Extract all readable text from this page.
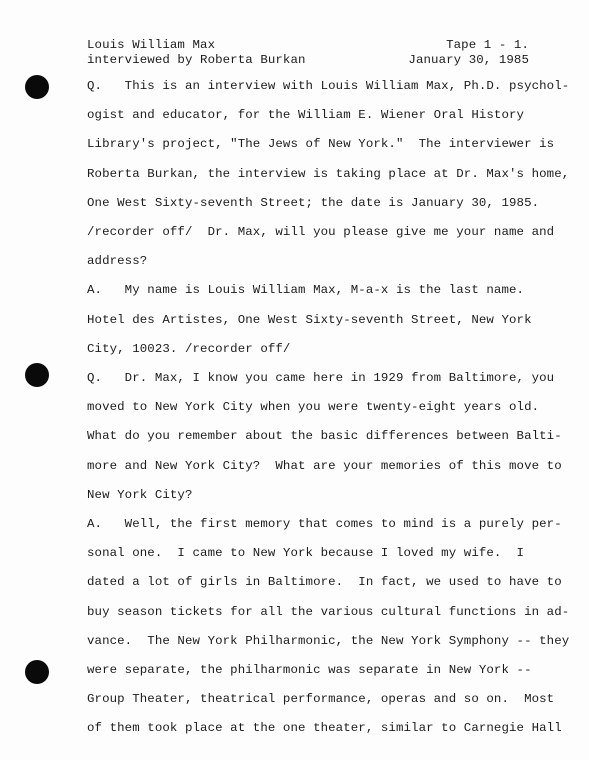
Louis William Max
interviewed by Roberta Burkan
Tape 1 - 1.
January 30, 1985
Q.   This is an interview with Louis William Max, Ph.D. psychol-
ogist and educator, for the William E. Wiener Oral History
Library's project, "The Jews of New York."  The interviewer is
Roberta Burkan, the interview is taking place at Dr. Max's home,
One West Sixty-seventh Street; the date is January 30, 1985.
/recorder off/  Dr. Max, will you please give me your name and
address?
A.   My name is Louis William Max, M-a-x is the last name.
Hotel des Artistes, One West Sixty-seventh Street, New York
City, 10023. /recorder off/
Q.   Dr. Max, I know you came here in 1929 from Baltimore, you
moved to New York City when you were twenty-eight years old.
What do you remember about the basic differences between Balti-
more and New York City?  What are your memories of this move to
New York City?
A.   Well, the first memory that comes to mind is a purely per-
sonal one.  I came to New York because I loved my wife.  I
dated a lot of girls in Baltimore.  In fact, we used to have to
buy season tickets for all the various cultural functions in ad-
vance.  The New York Philharmonic, the New York Symphony -- they
were separate, the philharmonic was separate in New York --
Group Theater, theatrical performance, operas and so on.  Most
of them took place at the one theater, similar to Carnegie Hall
